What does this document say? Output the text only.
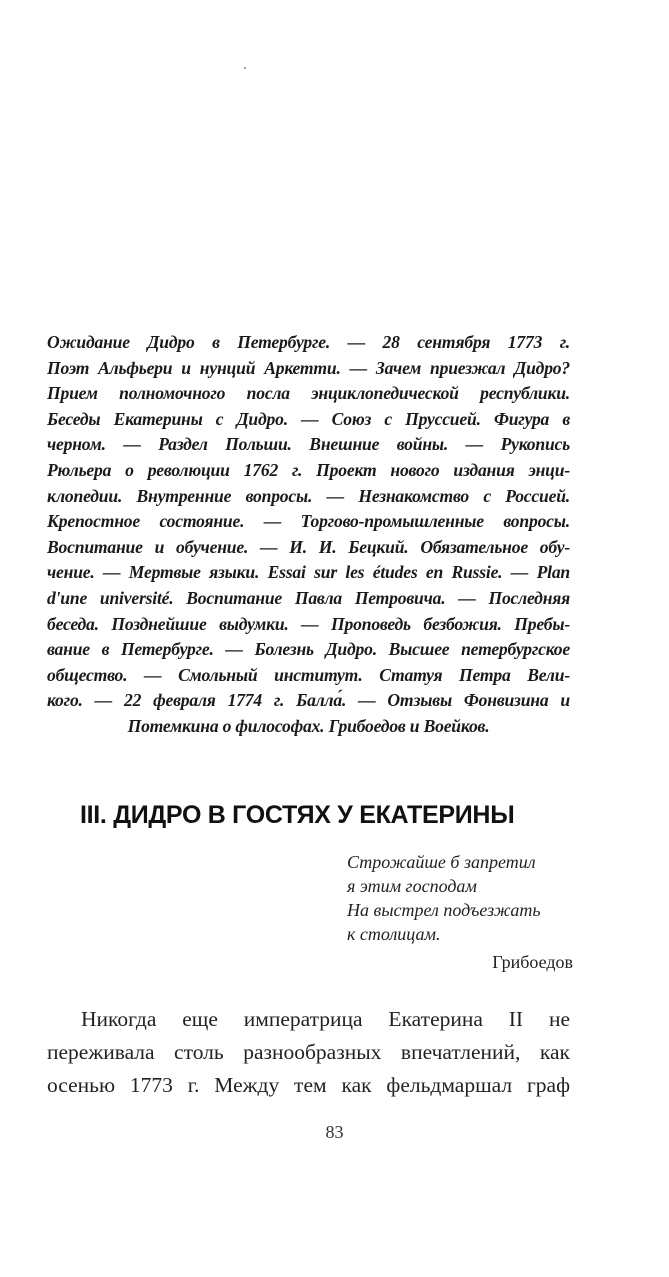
Ожидание Дидро в Петербурге. — 28 сентября 1773 г.
Поэт Альфьери и нунций Аркетти. — Зачем приезжал Дидро?
Прием полномочного посла энциклопедической республики.
Беседы Екатерины с Дидро. — Союз с Пруссией. Фигура в
черном. — Раздел Польши. Внешние войны. — Рукопись
Рюльера о революции 1762 г. Проект нового издания энци-
клопедии. Внутренние вопросы. — Незнакомство с Россией.
Крепостное состояние. — Торгово-промышленные вопросы.
Воспитание и обучение. — И. И. Бецкий. Обязательное обу-
чение. — Мертвые языки. Essai sur les études en Russie. — Plan
d'une université. Воспитание Павла Петровича. — Последняя
беседа. Позднейшие выдумки. — Проповедь безбожия. Пребы-
вание в Петербурге. — Болезнь Дидро. Высшее петербургское
общество. — Смольный институт. Статуя Петра Вели-
кого. — 22 февраля 1774 г. Балла́. — Отзывы Фонвизина и
Потемкина о философах. Грибоедов и Воейков.
III. ДИДРО В ГОСТЯХ У ЕКАТЕРИНЫ
Строжайше б запретил
я этим господам
На выстрел подъезжать
к столицам.
Грибоедов
Никогда еще императрица Екатерина II не
переживала столь разнообразных впечатлений, как
осенью 1773 г. Между тем как фельдмаршал граф
83
